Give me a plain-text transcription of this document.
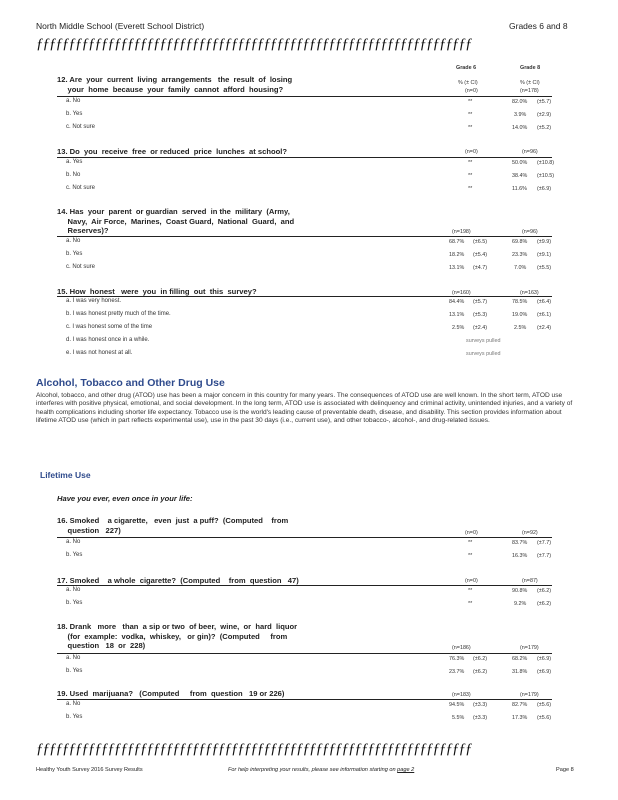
North Middle School (Everett School District)	Grades 6 and 8
ƒƒƒƒƒƒƒƒƒƒƒƒƒƒƒƒƒƒƒƒƒƒƒƒƒƒƒƒƒƒƒƒƒƒƒƒƒƒƒƒƒƒƒƒƒƒƒƒƒƒƒƒƒƒƒƒƒƒƒƒƒƒƒƒƒƒƒ
Grade 6	Grade 8
% (± CI)	% (± CI)
12. Are  your  current  living  arrangements   the  result  of  losing
your  home  because  your  family  cannot  afford  housing?	(n=0)	(n=178)
a. No	**	82.0% (±5.7)
b. Yes	**	3.9% (±2.9)
c. Not sure	**	14.0% (±5.2)
13. Do  you  receive  free  or reduced  price  lunches  at school?	(n=0)	(n=96)
a. Yes	**	50.0% (±10.8)
b. No	**	38.4% (±10.5)
c. Not sure	**	11.6% (±6.9)
14. Has  your  parent  or guardian  served  in the  military  (Army,
Navy,  Air Force,  Marines,  Coast Guard,  National  Guard,  and
Reserves)?	(n=198)	(n=96)
a. No	68.7% (±6.5)	69.8% (±9.9)
b. Yes	18.2% (±5.4)	23.3% (±9.1)
c. Not sure	13.1% (±4.7)	7.0% (±5.5)
15. How  honest   were  you  in filling  out  this  survey?	(n=160)	(n=163)
a. I was very honest.	84.4% (±5.7)	78.5% (±6.4)
b. I was honest pretty much of the time.	13.1% (±5.3)	19.0% (±6.1)
c. I was honest some of the time	2.5% (±2.4)	2.5% (±2.4)
d. I was honest once in a while.	surveys pulled
e. I was not honest at all.	surveys pulled
Alcohol, Tobacco and Other Drug Use
Alcohol, tobacco, and other drug (ATOD) use has been a major concern in this country for many years. The consequences of ATOD use are well known. In the short term, ATOD use interferes with positive physical, emotional, and social development. In the long term, ATOD use is associated with delinquency and criminal activity, unintended injuries, and a variety of health complications including shorter life expectancy. Tobacco use is the world's leading cause of preventable death, disease, and disability. This section provides information about lifetime ATOD use (which in part reflects experimental use), use in the past 30 days (i.e., current use), and other tobacco-, alcohol-, and drug-related issues.
Lifetime Use
Have you ever, even once in your life:
16. Smoked    a cigarette,   even  just  a puff?  (Computed    from
question   227)	(n=0)	(n=92)
a. No	**	83.7% (±7.7)
b. Yes	**	16.3% (±7.7)
17. Smoked    a whole  cigarette?  (Computed    from  question   47)	(n=0)	(n=87)
a. No	**	90.8% (±6.2)
b. Yes	**	9.2% (±6.2)
18. Drank   more   than  a sip or two  of beer,  wine,  or  hard  liquor
(for  example:  vodka,  whiskey,   or gin)?  (Computed     from
question   18  or  228)	(n=186)	(n=179)
a. No	76.3% (±6.2)	68.2% (±6.9)
b. Yes	23.7% (±6.2)	31.8% (±6.9)
19. Used  marijuana?   (Computed     from  question   19 or 226)	(n=183)	(n=179)
a. No	94.5% (±3.3)	82.7% (±5.6)
b. Yes	5.5% (±3.3)	17.3% (±5.6)
ƒƒƒƒƒƒƒƒƒƒƒƒƒƒƒƒƒƒƒƒƒƒƒƒƒƒƒƒƒƒƒƒƒƒƒƒƒƒƒƒƒƒƒƒƒƒƒƒƒƒƒƒƒƒƒƒƒƒƒƒƒƒƒƒƒƒƒ
Healthy Youth Survey 2016 Survey Results	For help interpreting your results, please see information starting on page 2	Page 8
